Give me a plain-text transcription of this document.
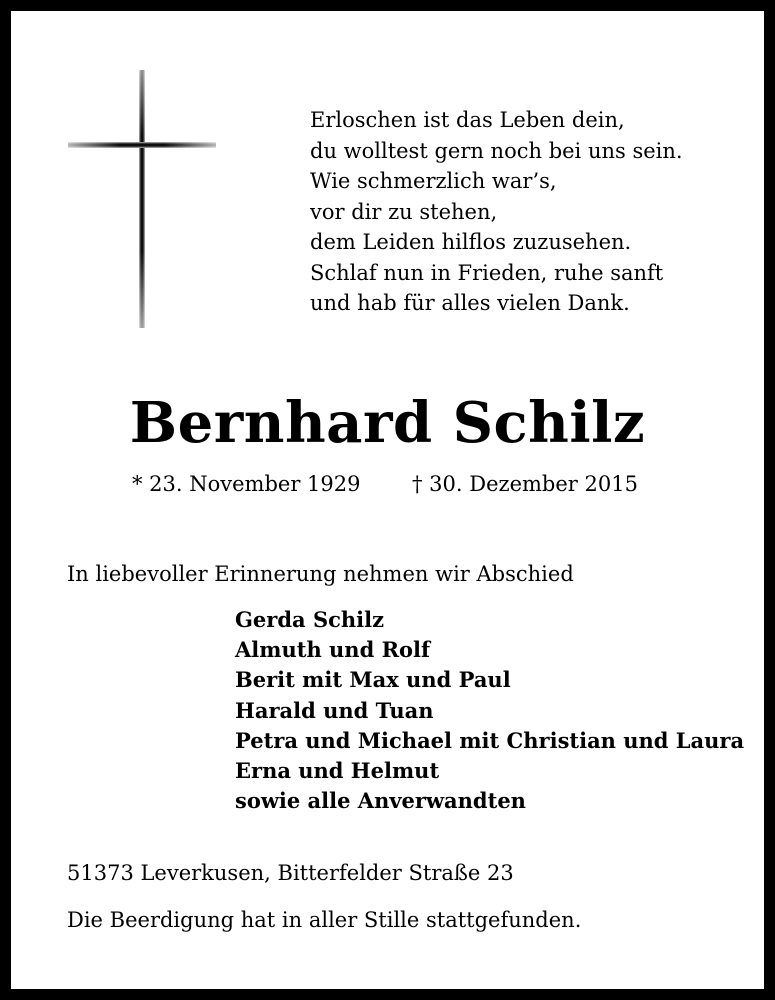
Erloschen ist das Leben dein,
du wolltest gern noch bei uns sein.
Wie schmerzlich war’s,
vor dir zu stehen,
dem Leiden hilflos zuzusehen.
Schlaf nun in Frieden, ruhe sanft
und hab für alles vielen Dank.
Bernhard Schilz
* 23. November 1929 † 30. Dezember 2015
In liebevoller Erinnerung nehmen wir Abschied
Gerda Schilz
Almuth und Rolf
Berit mit Max und Paul
Harald und Tuan
Petra und Michael mit Christian und Laura
Erna und Helmut
sowie alle Anverwandten
51373 Leverkusen, Bitterfelder Straße 23
Die Beerdigung hat in aller Stille stattgefunden.
